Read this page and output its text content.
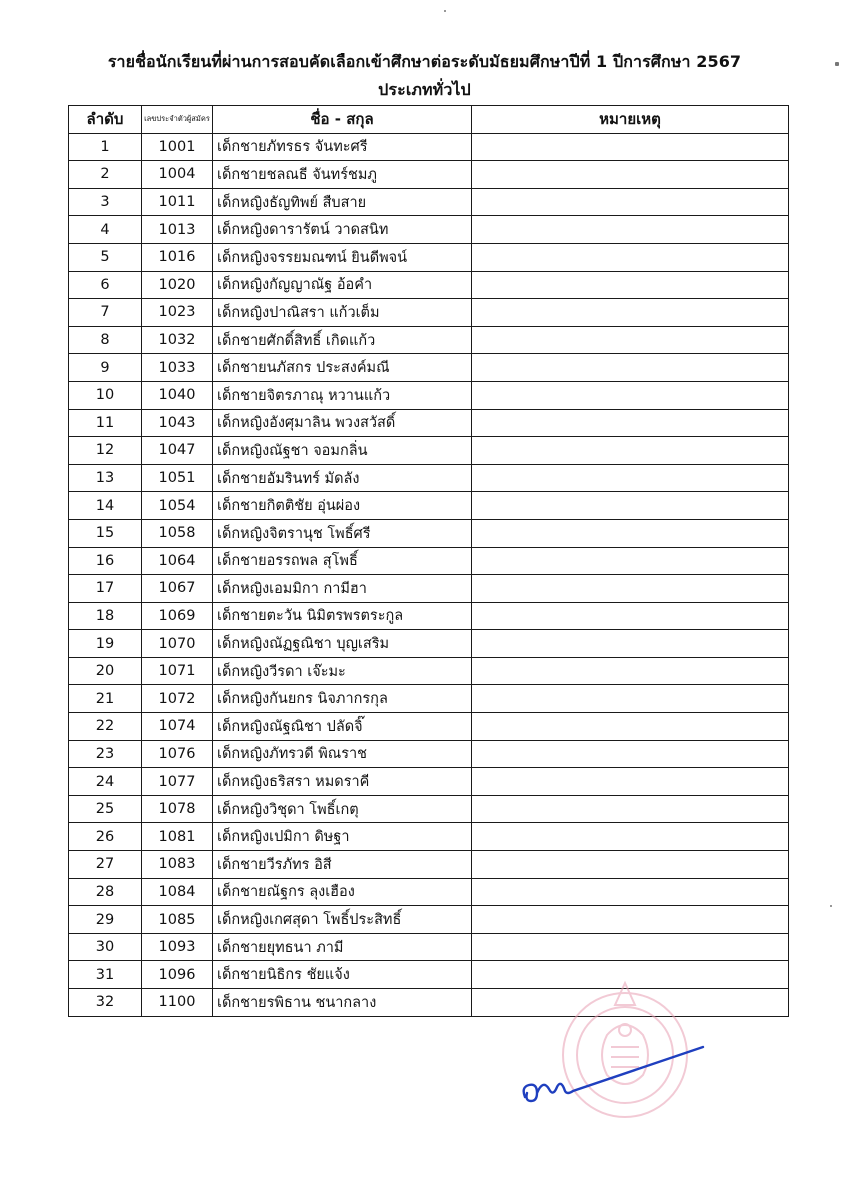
รายชื่อนักเรียนที่ผ่านการสอบคัดเลือกเข้าศึกษาต่อระดับมัธยมศึกษาปีที่ 1 ปีการศึกษา 2567
ประเภททั่วไป
ลำดับ	เลขประจำตัวผู้สมัคร	ชื่อ - สกุล	หมายเหตุ
1	1001	เด็กชายภัทรธร จันทะศรี	
2	1004	เด็กชายชลณธี จันทร์ชมภู	
3	1011	เด็กหญิงธัญทิพย์ สืบสาย	
4	1013	เด็กหญิงดารารัตน์ วาดสนิท	
5	1016	เด็กหญิงจรรยมณฑน์ ยินดีพจน์	
6	1020	เด็กหญิงกัญญาณัฐ อ้อคำ	
7	1023	เด็กหญิงปาณิสรา แก้วเต็ม	
8	1032	เด็กชายศักดิ์สิทธิ์ เกิดแก้ว	
9	1033	เด็กชายนภัสกร ประสงค์มณี	
10	1040	เด็กชายจิตรภาณุ หวานแก้ว	
11	1043	เด็กหญิงอังศุมาลิน พวงสวัสดิ์	
12	1047	เด็กหญิงณัฐชา จอมกลิ่น	
13	1051	เด็กชายอัมรินทร์ มัดลัง	
14	1054	เด็กชายกิตติชัย อุ่นผ่อง	
15	1058	เด็กหญิงจิตรานุช โพธิ์ศรี	
16	1064	เด็กชายอรรถพล สุโพธิ์	
17	1067	เด็กหญิงเอมมิกา กามีฮา	
18	1069	เด็กชายตะวัน นิมิตรพรตระกูล	
19	1070	เด็กหญิงณัฏฐณิชา บุญเสริม	
20	1071	เด็กหญิงวีรดา เจ๊ะมะ	
21	1072	เด็กหญิงกันยกร นิจภากรกุล	
22	1074	เด็กหญิงณัฐณิชา ปลัดจิ๊	
23	1076	เด็กหญิงภัทรวดี พิณราช	
24	1077	เด็กหญิงธริสรา หมดราคี	
25	1078	เด็กหญิงวิชุดา โพธิ์เกตุ	
26	1081	เด็กหญิงเปมิกา ดิษฐา	
27	1083	เด็กชายวีรภัทร อิสี	
28	1084	เด็กชายณัฐกร ลุงเฮือง	
29	1085	เด็กหญิงเกศสุดา โพธิ์ประสิทธิ์	
30	1093	เด็กชายยุทธนา ภามี	
31	1096	เด็กชายนิธิกร ชัยแจ้ง	
32	1100	เด็กชายรพิธาน ชนากลาง	
